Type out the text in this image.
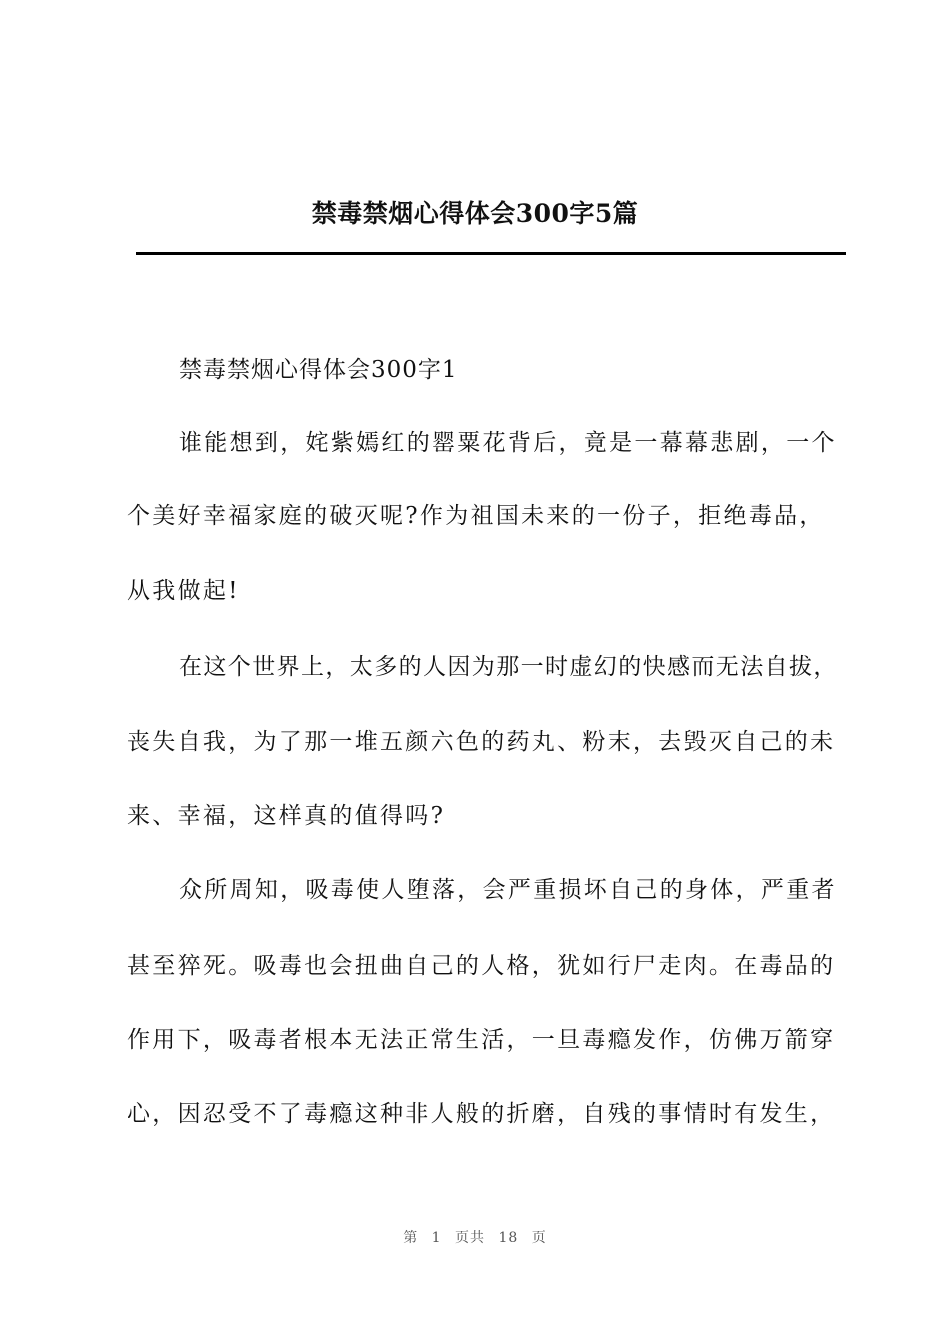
禁毒禁烟心得体会300字5篇
禁毒禁烟心得体会300字1
谁能想到，姹紫嫣红的罂粟花背后，竟是一幕幕悲剧，一个
个美好幸福家庭的破灭呢?作为祖国未来的一份子，拒绝毒品，
从我做起!
在这个世界上，太多的人因为那一时虚幻的快感而无法自拔，
丧失自我，为了那一堆五颜六色的药丸、粉末，去毁灭自己的未
来、幸福，这样真的值得吗?
众所周知，吸毒使人堕落，会严重损坏自己的身体，严重者
甚至猝死。吸毒也会扭曲自己的人格，犹如行尸走肉。在毒品的
作用下，吸毒者根本无法正常生活，一旦毒瘾发作，仿佛万箭穿
心，因忍受不了毒瘾这种非人般的折磨，自残的事情时有发生，
第 1 页共 18 页
